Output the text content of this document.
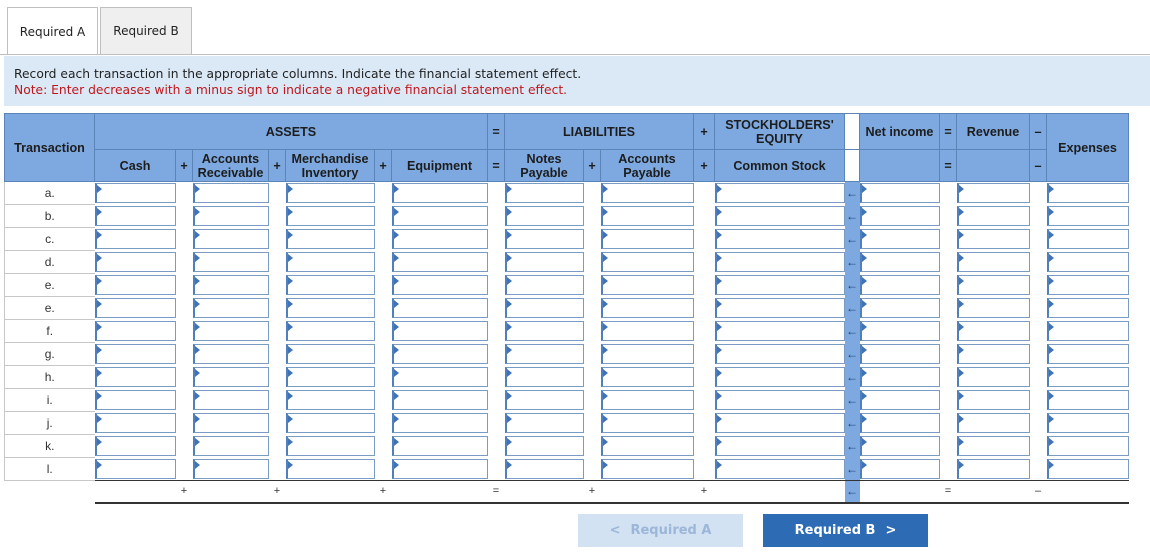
Required A	Required B
Record each transaction in the appropriate columns. Indicate the financial statement effect.
Note: Enter decreases with a minus sign to indicate a negative financial statement effect.
Transaction	ASSETS							=	LIABILITIES			+	STOCKHOLDERS' EQUITY		Net income	=	Revenue	–	Expenses
	Cash	+	Accounts Receivable	+	Merchandise Inventory	+	Equipment	=	Notes Payable	+	Accounts Payable	+	Common Stock			=		–	
a.														←	

b.														←	

c.														←	

d.														←	

e.														←	

e.														←	

f.														←	

g.														←	

h.														←	

i.														←	

j.														←	

k.														←	

l.														←	

		+		+		+		=		+		+		←		=		–	
< Required A	Required B >
